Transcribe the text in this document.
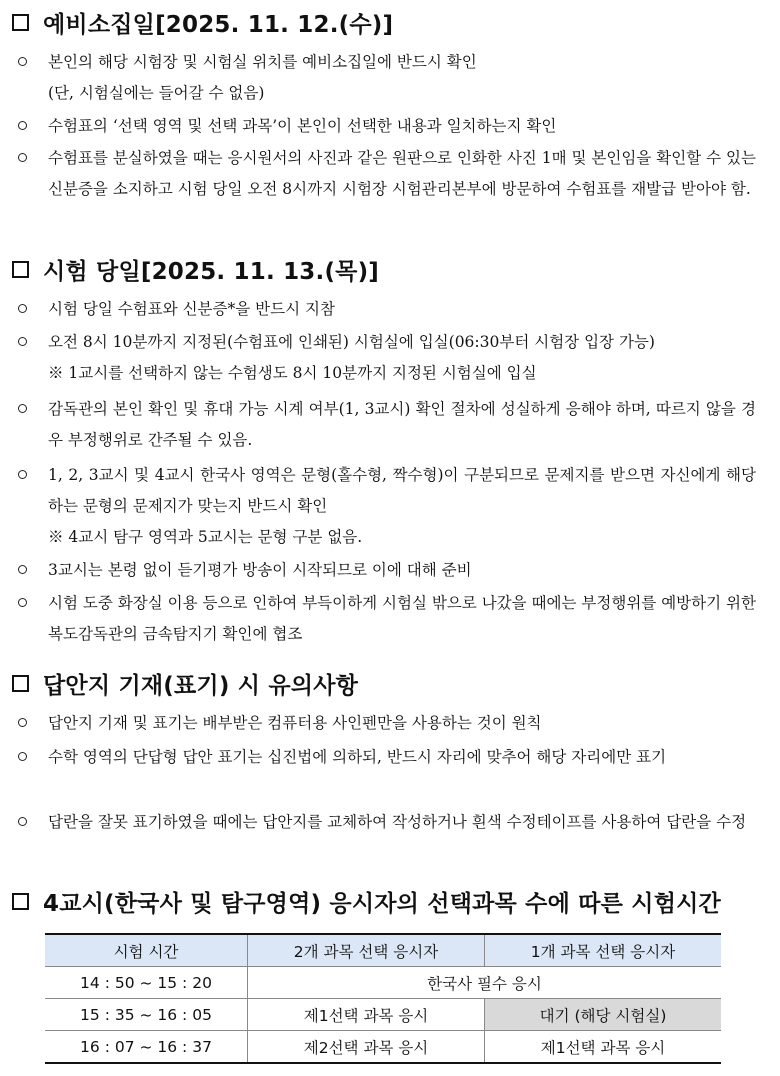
예비소집일[2025. 11. 12.(수)]
본인의 해당 시험장 및 시험실 위치를 예비소집일에 반드시 확인
(단, 시험실에는 들어갈 수 없음)
수험표의 ‘선택 영역 및 선택 과목’이 본인이 선택한 내용과 일치하는지 확인
수험표를 분실하였을 때는 응시원서의 사진과 같은 원판으로 인화한 사진 1매 및 본인임을 확인할 수 있는 신분증을 소지하고 시험 당일 오전 8시까지 시험장 시험관리본부에 방문하여 수험표를 재발급 받아야 함.
시험 당일[2025. 11. 13.(목)]
시험 당일 수험표와 신분증*을 반드시 지참
오전 8시 10분까지 지정된(수험표에 인쇄된) 시험실에 입실(06:30부터 시험장 입장 가능)
※ 1교시를 선택하지 않는 수험생도 8시 10분까지 지정된 시험실에 입실
감독관의 본인 확인 및 휴대 가능 시계 여부(1, 3교시) 확인 절차에 성실하게 응해야 하며, 따르지 않을 경우 부정행위로 간주될 수 있음.
1, 2, 3교시 및 4교시 한국사 영역은 문형(홀수형, 짝수형)이 구분되므로 문제지를 받으면 자신에게 해당하는 문형의 문제지가 맞는지 반드시 확인
※ 4교시 탐구 영역과 5교시는 문형 구분 없음.
3교시는 본령 없이 듣기평가 방송이 시작되므로 이에 대해 준비
시험 도중 화장실 이용 등으로 인하여 부득이하게 시험실 밖으로 나갔을 때에는 부정행위를 예방하기 위한 복도감독관의 금속탐지기 확인에 협조
답안지 기재(표기) 시 유의사항
답안지 기재 및 표기는 배부받은 컴퓨터용 사인펜만을 사용하는 것이 원칙
수학 영역의 단답형 답안 표기는 십진법에 의하되, 반드시 자리에 맞추어 해당 자리에만 표기
답란을 잘못 표기하였을 때에는 답안지를 교체하여 작성하거나 흰색 수정테이프를 사용하여 답란을 수정
4교시(한국사 및 탐구영역) 응시자의 선택과목 수에 따른 시험시간
시험 시간	2개 과목 선택 응시자	1개 과목 선택 응시자
14 : 50 ~ 15 : 20	한국사 필수 응시	
15 : 35 ~ 16 : 05	제1선택 과목 응시	대기 (해당 시험실)
16 : 07 ~ 16 : 37	제2선택 과목 응시	제1선택 과목 응시
